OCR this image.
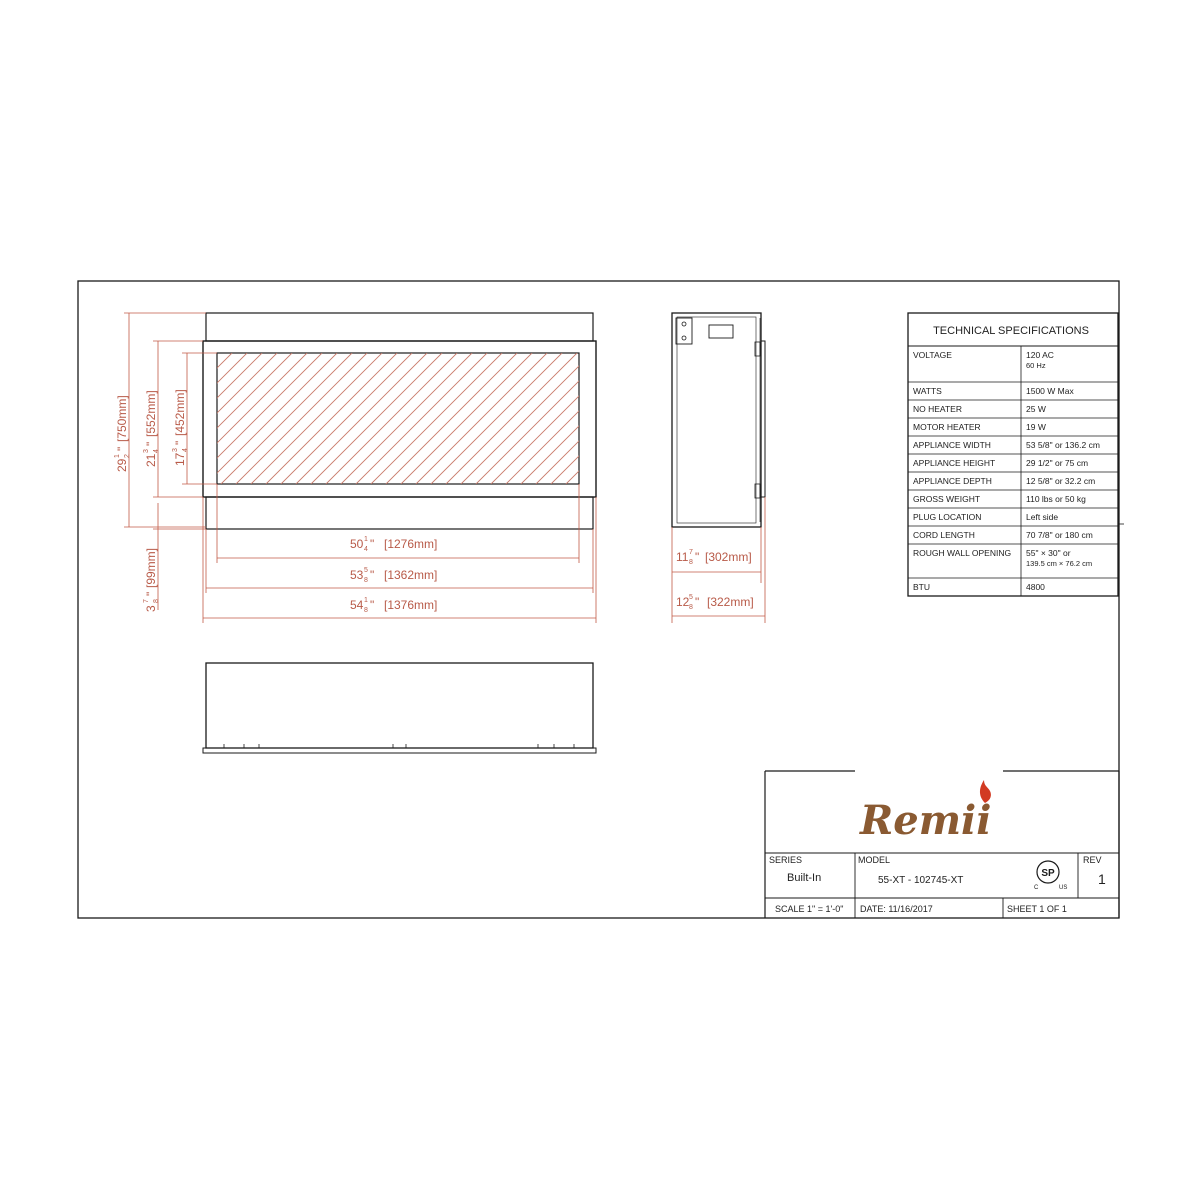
50 1
4 " [1276mm]
53 5
8 " [1362mm]
54 1
8 " [1376mm]
29
1 2
"
[750mm]
21
3 4
"
[552mm]
17
3 4
"
[452mm]
3
7 8
"
[99mm]	11 7
8 " [302mm]
12 5
8 " [322mm]
TECHNICAL SPECIFICATIONS
VOLTAGE	120 AC
60 Hz
WATTS	1500 W Max
NO HEATER	25 W
MOTOR HEATER	19 W
APPLIANCE WIDTH	53 5/8" or 136.2 cm
APPLIANCE HEIGHT	29 1/2" or 75 cm
APPLIANCE DEPTH	12 5/8" or 32.2 cm
GROSS WEIGHT	110 lbs or 50 kg
PLUG LOCATION	Left side
CORD LENGTH	70 7/8" or 180 cm
ROUGH WALL OPENING 55" × 30" or
139.5 cm × 76.2 cm
BTU	4800
Remii
SERIES
Built-In
MODEL
55-XT - 102745-XT
SP
C	US
REV
1
SCALE 1" = 1'-0" DATE: 11/16/2017	SHEET 1 OF 1
